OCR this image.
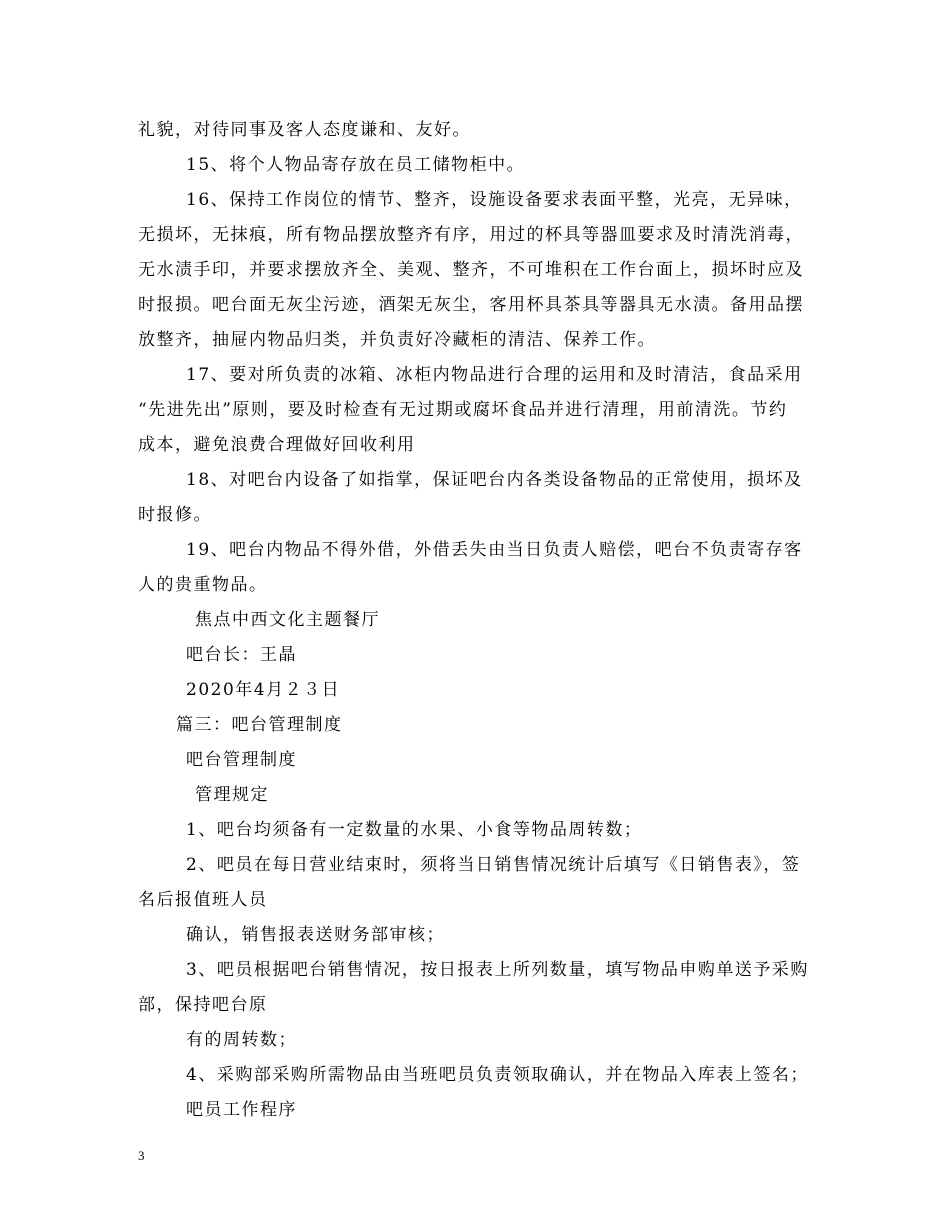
礼貌，对待同事及客人态度谦和、友好。
15、将个人物品寄存放在员工储物柜中。
16、保持工作岗位的情节、整齐，设施设备要求表面平整，光亮，无异味，
无损坏，无抹痕，所有物品摆放整齐有序，用过的杯具等器皿要求及时清洗消毒，
无水渍手印，并要求摆放齐全、美观、整齐，不可堆积在工作台面上，损坏时应及
时报损。吧台面无灰尘污迹，酒架无灰尘，客用杯具茶具等器具无水渍。备用品摆
放整齐，抽屉内物品归类，并负责好冷藏柜的清洁、保养工作。
17、要对所负责的冰箱、冰柜内物品进行合理的运用和及时清洁，食品采用
“先进先出”原则，要及时检查有无过期或腐坏食品并进行清理，用前清洗。节约
成本，避免浪费合理做好回收利用
18、对吧台内设备了如指掌，保证吧台内各类设备物品的正常使用，损坏及
时报修。
19、吧台内物品不得外借，外借丢失由当日负责人赔偿，吧台不负责寄存客
人的贵重物品。
焦点中西文化主题餐厅
吧台长：王晶
2020年4月２３日
篇三：吧台管理制度
吧台管理制度
管理规定
1、吧台均须备有一定数量的水果、小食等物品周转数；
2、吧员在每日营业结束时，须将当日销售情况统计后填写《日销售表》，签
名后报值班人员
确认，销售报表送财务部审核；
3、吧员根据吧台销售情况，按日报表上所列数量，填写物品申购单送予采购
部，保持吧台原
有的周转数；
4、采购部采购所需物品由当班吧员负责领取确认，并在物品入库表上签名；
吧员工作程序
3
